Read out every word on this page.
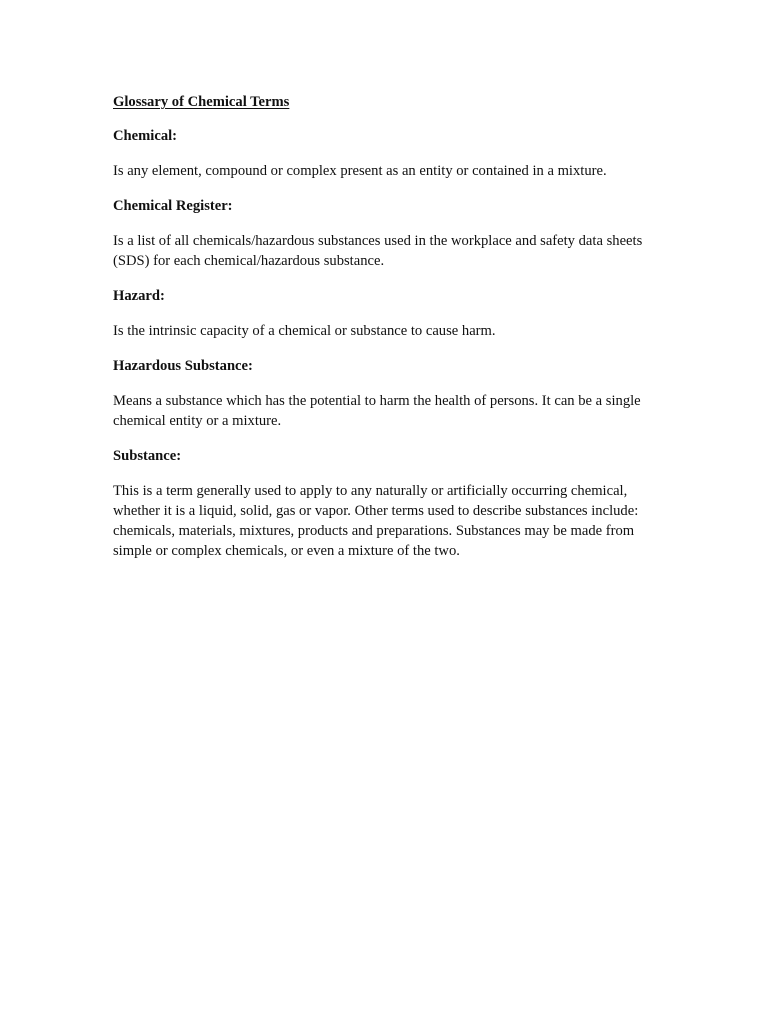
Glossary of Chemical Terms
Chemical:
Is any element, compound or complex present as an entity or contained in a mixture.
Chemical Register:
Is a list of all chemicals/hazardous substances used in the workplace and safety data sheets (SDS) for each chemical/hazardous substance.
Hazard:
Is the intrinsic capacity of a chemical or substance to cause harm.
Hazardous Substance:
Means a substance which has the potential to harm the health of persons. It can be a single chemical entity or a mixture.
Substance:
This is a term generally used to apply to any naturally or artificially occurring chemical, whether it is a liquid, solid, gas or vapor. Other terms used to describe substances include: chemicals, materials, mixtures, products and preparations. Substances may be made from simple or complex chemicals, or even a mixture of the two.
